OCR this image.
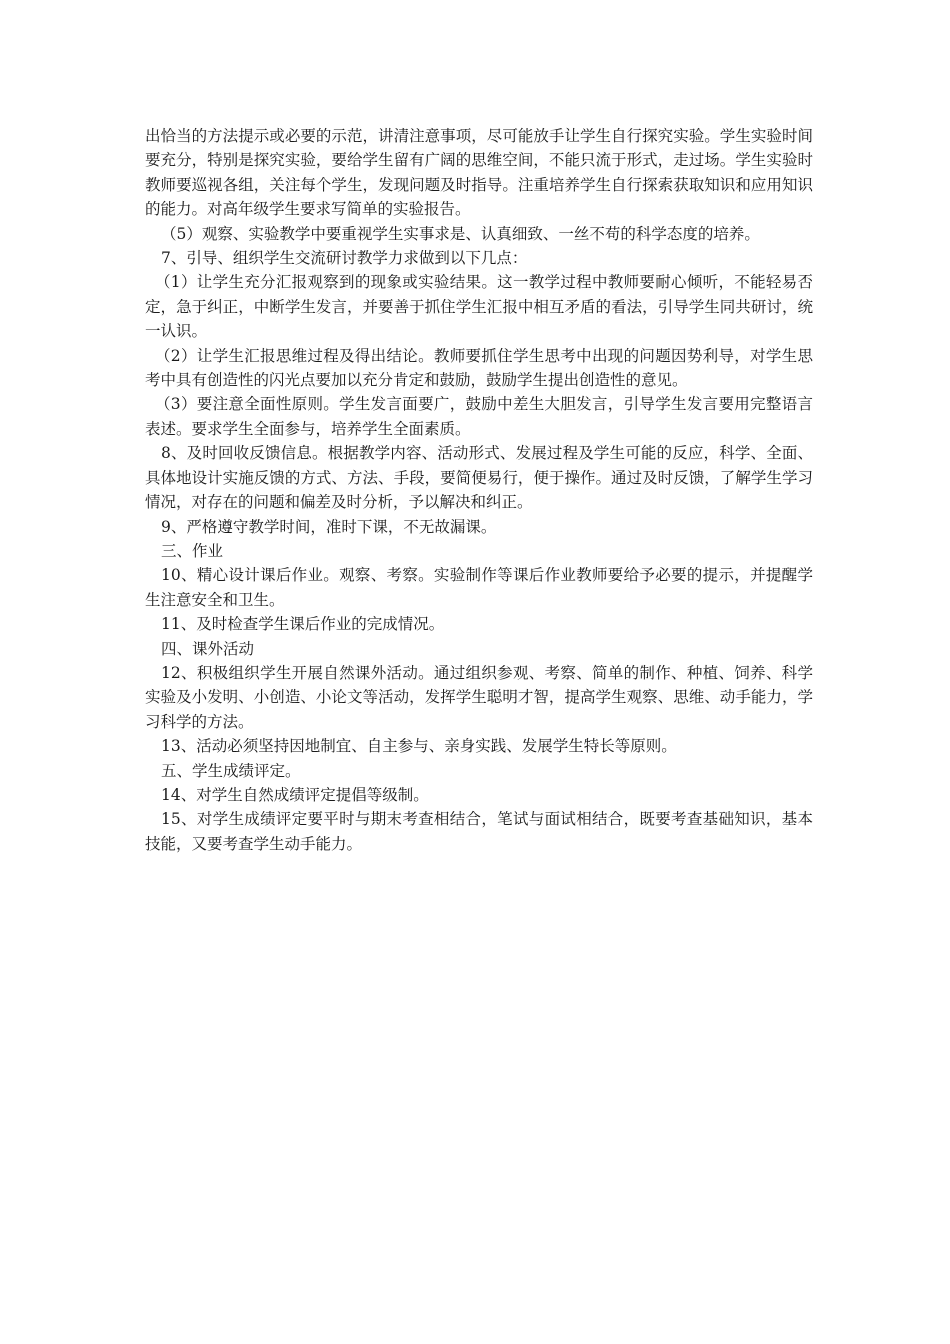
出恰当的方法提示或必要的示范，讲清注意事项，尽可能放手让学生自行探究实验。学生实验时间要充分，特别是探究实验，要给学生留有广阔的思维空间，不能只流于形式，走过场。学生实验时教师要巡视各组，关注每个学生，发现问题及时指导。注重培养学生自行探索获取知识和应用知识的能力。对高年级学生要求写简单的实验报告。

（5）观察、实验教学中要重视学生实事求是、认真细致、一丝不苟的科学态度的培养。

7、引导、组织学生交流研讨教学力求做到以下几点：

（1）让学生充分汇报观察到的现象或实验结果。这一教学过程中教师要耐心倾听，不能轻易否定，急于纠正，中断学生发言，并要善于抓住学生汇报中相互矛盾的看法，引导学生同共研讨，统一认识。

（2）让学生汇报思维过程及得出结论。教师要抓住学生思考中出现的问题因势利导，对学生思考中具有创造性的闪光点要加以充分肯定和鼓励，鼓励学生提出创造性的意见。

（3）要注意全面性原则。学生发言面要广，鼓励中差生大胆发言，引导学生发言要用完整语言表述。要求学生全面参与，培养学生全面素质。

8、及时回收反馈信息。根据教学内容、活动形式、发展过程及学生可能的反应，科学、全面、具体地设计实施反馈的方式、方法、手段，要简便易行，便于操作。通过及时反馈，了解学生学习情况，对存在的问题和偏差及时分析，予以解决和纠正。

9、严格遵守教学时间，准时下课，不无故漏课。

三、作业

10、精心设计课后作业。观察、考察。实验制作等课后作业教师要给予必要的提示，并提醒学生注意安全和卫生。

11、及时检查学生课后作业的完成情况。

四、课外活动

12、积极组织学生开展自然课外活动。通过组织参观、考察、简单的制作、种植、饲养、科学实验及小发明、小创造、小论文等活动，发挥学生聪明才智，提高学生观察、思维、动手能力，学习科学的方法。

13、活动必须坚持因地制宜、自主参与、亲身实践、发展学生特长等原则。

五、学生成绩评定。

14、对学生自然成绩评定提倡等级制。

15、对学生成绩评定要平时与期末考查相结合，笔试与面试相结合，既要考查基础知识，基本技能，又要考查学生动手能力。
